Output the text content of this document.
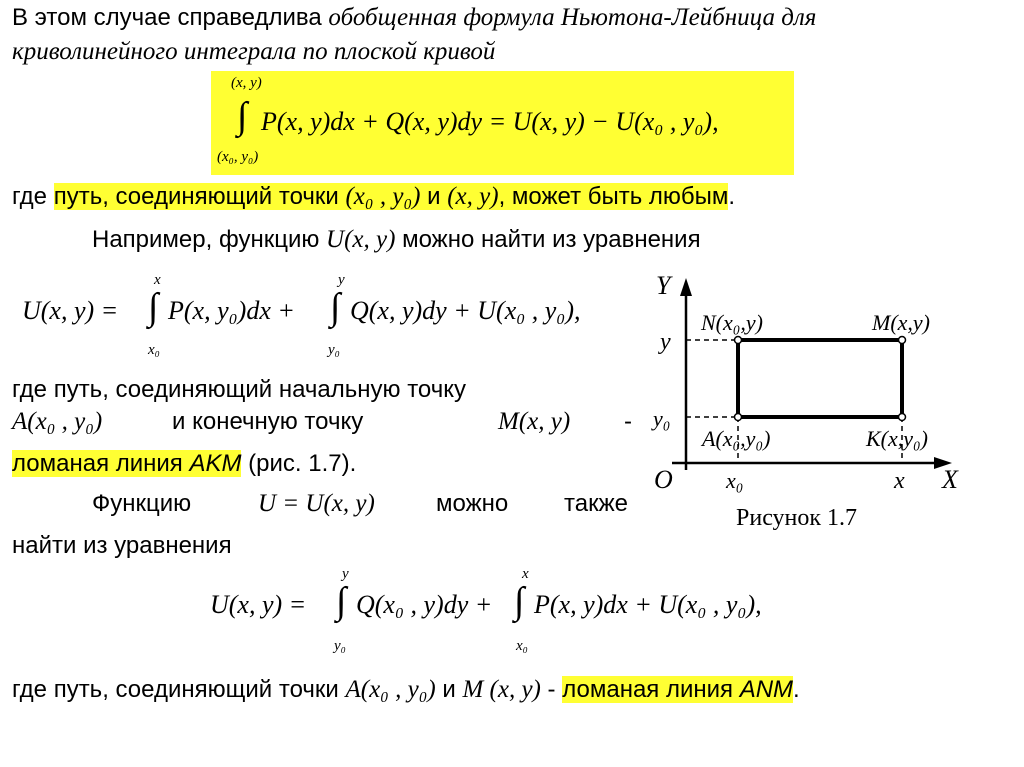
В этом случае справедлива обобщенная формула Ньютона-Лейбница для
криволинейного интеграла по плоской кривой
(x, y)
∫ P(x, y)dx + Q(x, y)dy = U(x, y) − U(x₀ , y₀),
(x₀, y₀)
где путь, соединяющий точки (x₀ , y₀) и (x, y), может быть любым.
Например, функцию U(x, y) можно найти из уравнения
U(x, y) =
x
∫
x₀
P(x, y₀)dx +
y
∫
y₀
Q(x, y)dy + U(x₀ , y₀),
где путь, соединяющий начальную точку
A(x₀ , y₀)	и конечную точку	M(x, y) -
ломаная линия AKM (рис. 1.7).
Функцию	U = U(x, y)	можно также
найти из уравнения
U(x, y) =
y
∫
y₀
Q(x₀ , y)dy +
x
∫
x₀
P(x, y)dx + U(x₀ , y₀),
где путь, соединяющий точки A(x₀ , y₀) и M (x, y) - ломаная линия ANM.
Y
X
O
y
y₀
x₀	x
N(x₀,y)	M(x,y)
A(x₀,y₀)	K(x,y₀)
Рисунок 1.7
